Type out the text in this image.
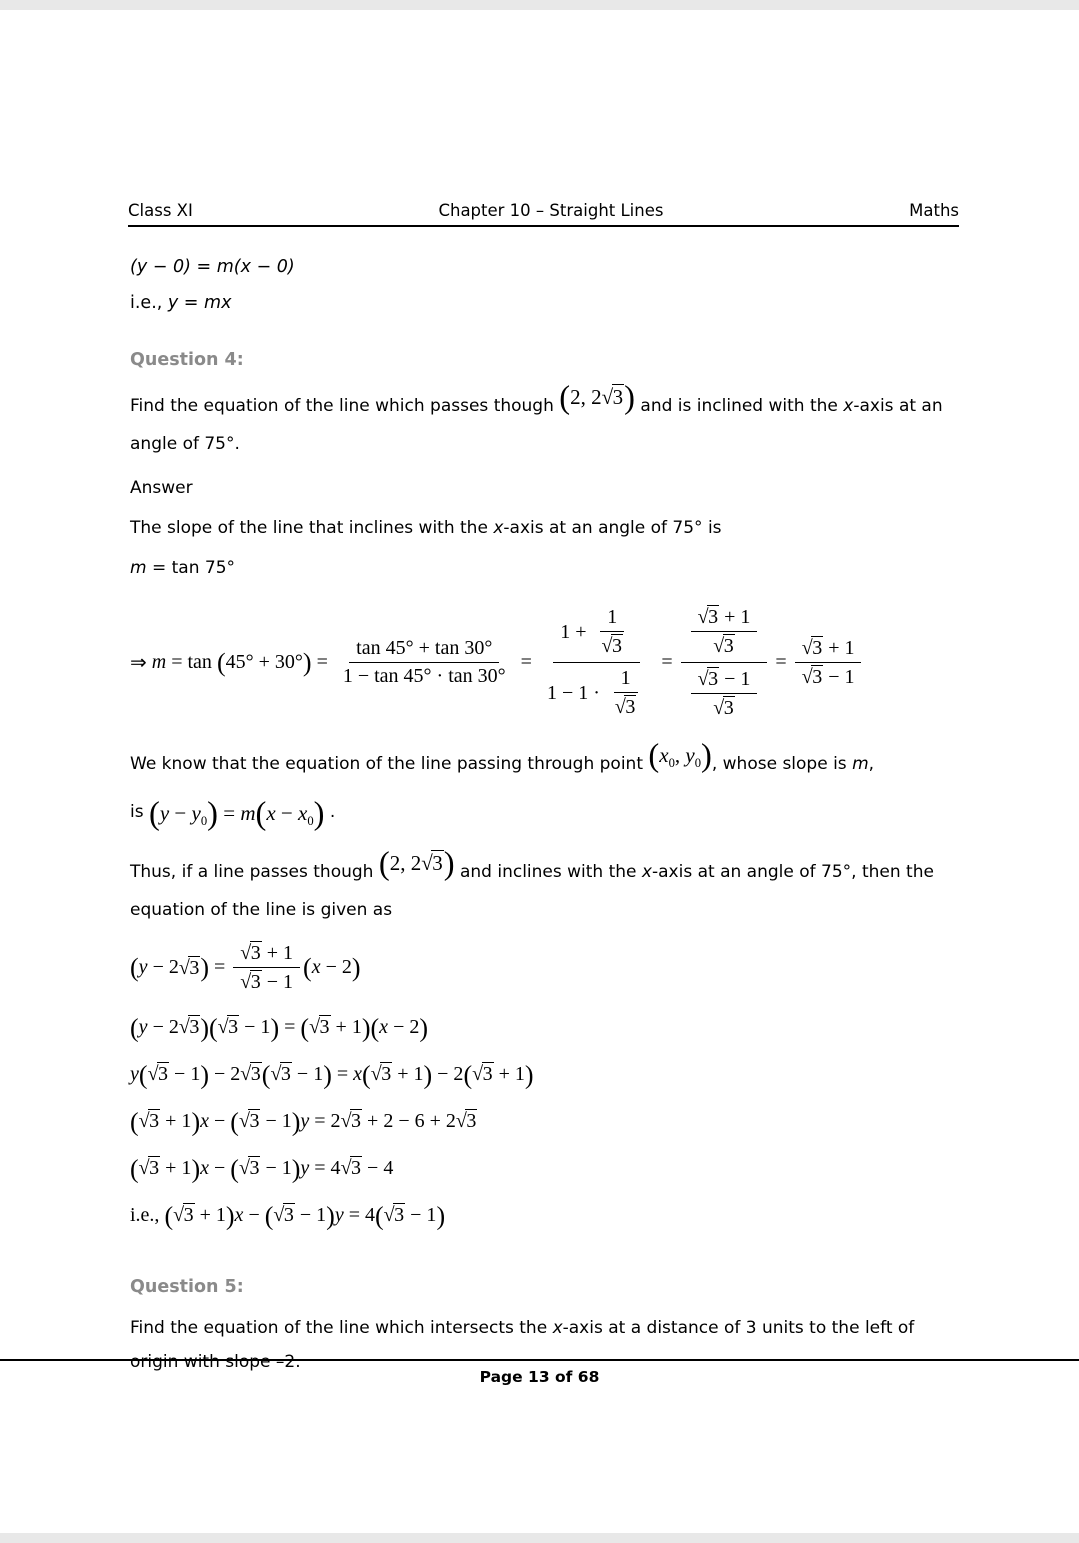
Class XI	Chapter 10 – Straight Lines	Maths
(y − 0) = m(x − 0)
i.e., y = mx
Question 4:
Find the equation of the line which passes though (2, 2√3) and is inclined with the x-axis at an angle of 75°.
Answer
The slope of the line that inclines with the x-axis at an angle of 75° is
m = tan 75°
⇒ m = tan ( 45° + 30° ) = $\frac{\tan 45^\circ + \tan 30^\circ}{1 - \tan 45^\circ \cdot \tan 30^\circ} = \frac{1 + \frac{1}{√3}}{1 - 1 \cdot \frac{1}{√3}} = \frac{\frac{√3 + 1}{√3}}{\frac{√3 - 1}{√3}} = \frac{√3 + 1}{√3 - 1}$
We know that the equation of the line passing through point ($x_0$, $y_0$), whose slope is m,
is $(y - y_0) = m(x - x_0)$ .
Thus, if a line passes though (2, 2√3) and inclines with the x-axis at an angle of 75°, then the equation of the line is given as
( y − 2 √3 ) = $\frac{√3 + 1}{√3 - 1}$ ( x − 2 )
(y − 2√3)(√3 − 1) = (√3 + 1)(x − 2)
y(√3 − 1) − 2√3(√3 − 1) = x(√3 + 1) − 2(√3 + 1)
(√3 + 1)x − (√3 − 1)y = 2√3 + 2 − 6 + 2√3
(√3 + 1)x − (√3 − 1)y = 4√3 − 4
i.e., (√3 + 1)x − (√3 − 1)y = 4(√3 − 1)
Question 5:
Find the equation of the line which intersects the x-axis at a distance of 3 units to the left of origin with slope –2.
Page 13 of 68
